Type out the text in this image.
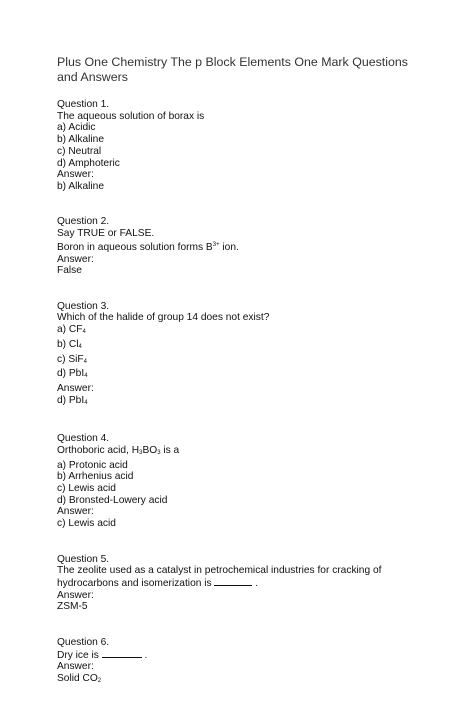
Plus One Chemistry The p Block Elements One Mark Questions and Answers
Question 1.
The aqueous solution of borax is
a) Acidic
b) Alkaline
c) Neutral
d) Amphoteric
Answer:
b) Alkaline
Question 2.
Say TRUE or FALSE.
Boron in aqueous solution forms $B^{3+}$ ion.
Answer:
False
Question 3.
Which of the halide of group 14 does not exist?
a) CF4
b) Cl4
c) SiF4
d) PbI4
Answer:
d) PbI4
Question 4.
Orthoboric acid, H3BO3 is a
a) Protonic acid
b) Arrhenius acid
c) Lewis acid
d) Bronsted-Lowery acid
Answer:
c) Lewis acid
Question 5.
The zeolite used as a catalyst in petrochemical industries for cracking of
hydrocarbons and isomerization is	.
Answer:
ZSM-5
Question 6.
Dry ice is	.
Answer:
Solid CO2
